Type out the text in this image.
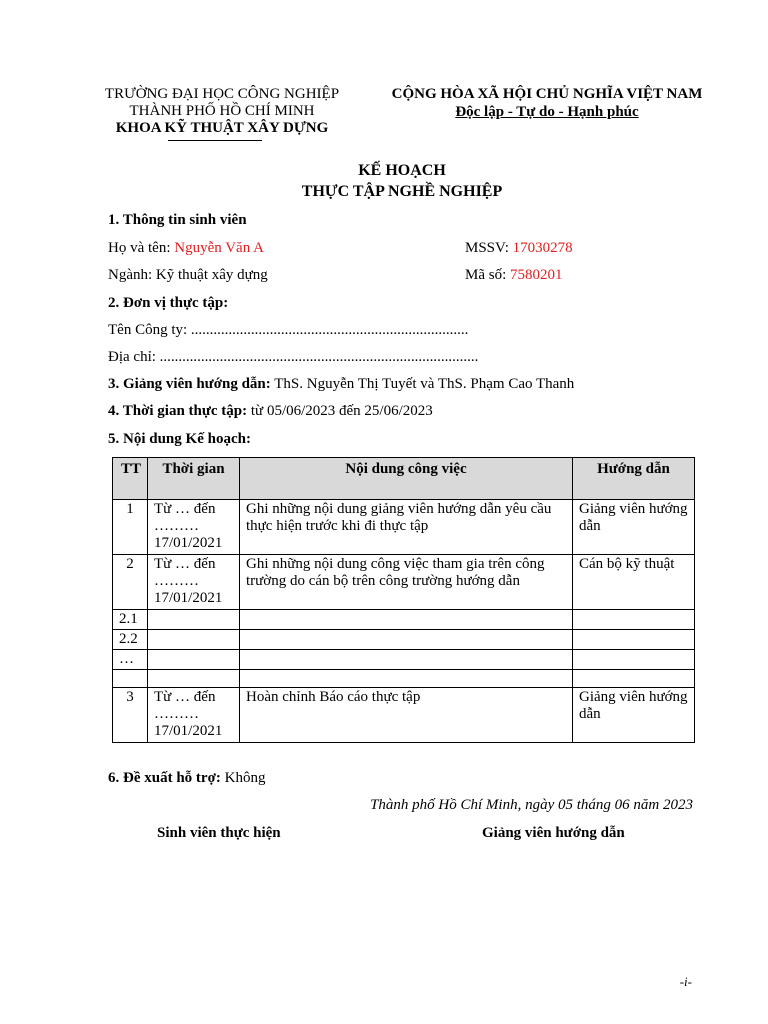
TRƯỜNG ĐẠI HỌC CÔNG NGHIỆP
THÀNH PHỐ HỒ CHÍ MINH
KHOA KỸ THUẬT XÂY DỰNG
CỘNG HÒA XÃ HỘI CHỦ NGHĨA VIỆT NAM
Độc lập - Tự do - Hạnh phúc
KẾ HOẠCH
THỰC TẬP NGHỀ NGHIỆP
1. Thông tin sinh viên
Họ và tên: Nguyễn Văn A	MSSV: 17030278
Ngành: Kỹ thuật xây dựng	Mã số: 7580201
2. Đơn vị thực tập:
Tên Công ty: ..........................................................................
Địa chỉ: .....................................................................................
3. Giảng viên hướng dẫn: ThS. Nguyễn Thị Tuyết và ThS. Phạm Cao Thanh
4. Thời gian thực tập: từ 05/06/2023 đến 25/06/2023
5. Nội dung Kế hoạch:
TT	Thời gian	Nội dung công việc	Hướng dẫn
1	Từ … đến ……… 17/01/2021	Ghi những nội dung giảng viên hướng dẫn yêu cầu thực hiện trước khi đi thực tập	Giảng viên hướng dẫn
2	Từ … đến ……… 17/01/2021	Ghi những nội dung công việc tham gia trên công trường do cán bộ trên công trường hướng dẫn	Cán bộ kỹ thuật
2.1			
2.2			
…			

3	Từ … đến ……… 17/01/2021	Hoàn chỉnh Báo cáo thực tập	Giảng viên hướng dẫn
6. Đề xuất hỗ trợ: Không
Thành phố Hồ Chí Minh, ngày 05 tháng 06 năm 2023
Sinh viên thực hiện	Giảng viên hướng dẫn
-i-
